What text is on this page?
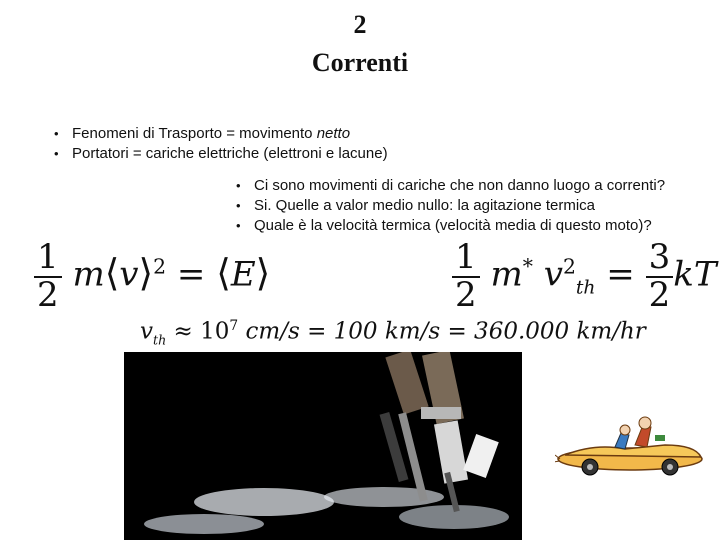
2
Correnti
• Fenomeni di Trasporto = movimento netto
• Portatori = cariche elettriche (elettroni e lacune)
• Ci sono movimenti di cariche che non danno luogo a correnti?
• Si. Quelle a valor medio nullo: la agitazione termica
• Quale è la velocità termica (velocità media di questo moto)?
$\frac{1}{2}$ m⟨v⟩$^2$ = ⟨E⟩	$\frac{1}{2} m^*$ $v^2_{th} = \frac{3}{2}$ kT
$v_{th} \approx 10^7$ cm/s = 100 km/s = 360.000 km/hr
